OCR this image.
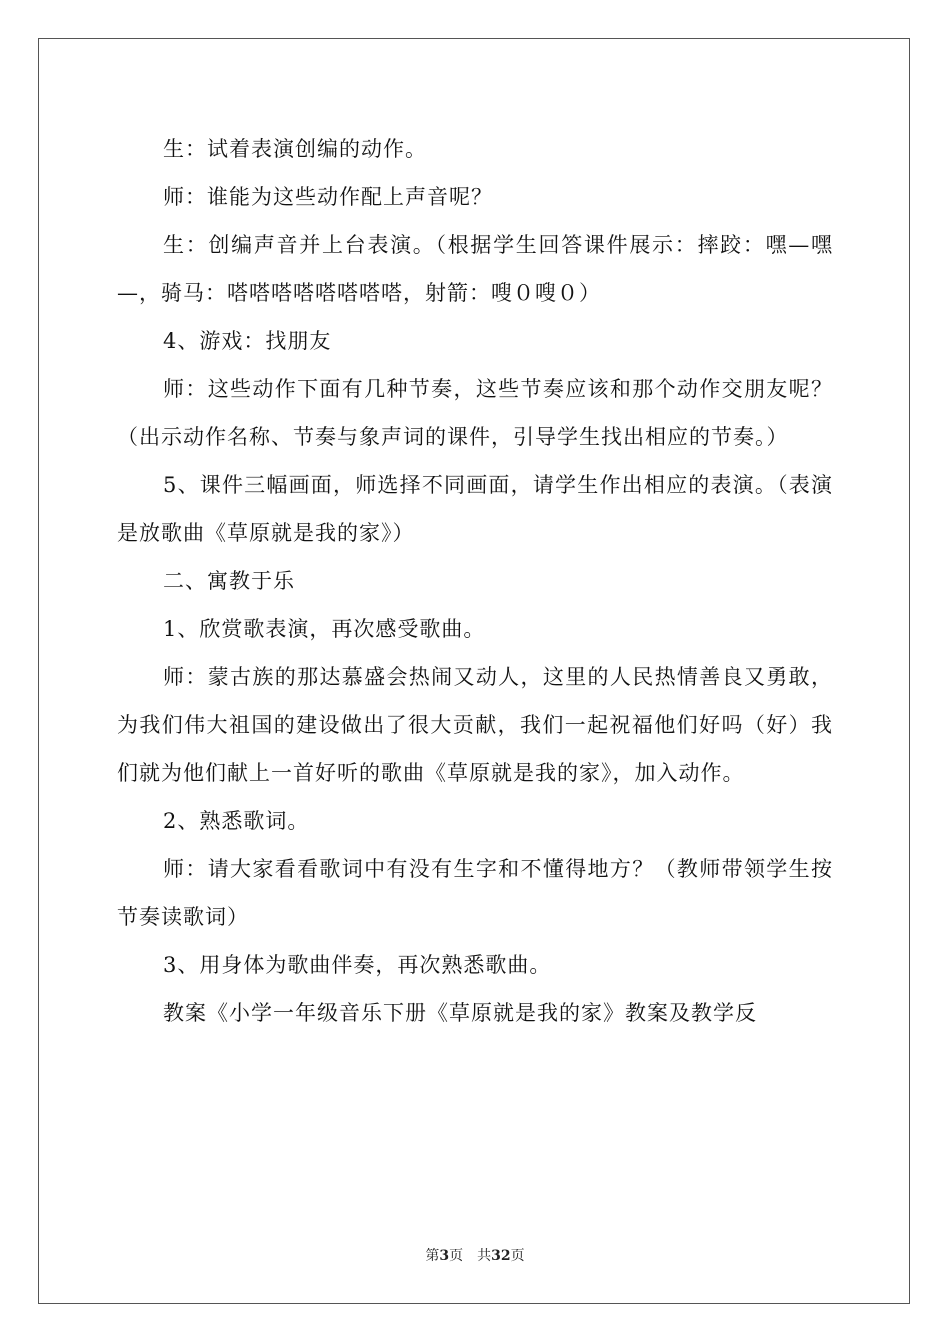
生：试着表演创编的动作。

师：谁能为这些动作配上声音呢？

生：创编声音并上台表演。（根据学生回答课件展示：摔跤：嘿—嘿—，骑马：嗒嗒嗒嗒嗒嗒嗒嗒，射箭：嗖０嗖０）

4、游戏：找朋友

师：这些动作下面有几种节奏，这些节奏应该和那个动作交朋友呢？（出示动作名称、节奏与象声词的课件，引导学生找出相应的节奏。）

5、课件三幅画面，师选择不同画面，请学生作出相应的表演。（表演是放歌曲《草原就是我的家》）

二、寓教于乐

1、欣赏歌表演，再次感受歌曲。

师：蒙古族的那达慕盛会热闹又动人，这里的人民热情善良又勇敢，为我们伟大祖国的建设做出了很大贡献，我们一起祝福他们好吗（好）我们就为他们献上一首好听的歌曲《草原就是我的家》，加入动作。

2、熟悉歌词。

师：请大家看看歌词中有没有生字和不懂得地方？（教师带领学生按节奏读歌词）

3、用身体为歌曲伴奏，再次熟悉歌曲。

教案《小学一年级音乐下册《草原就是我的家》教案及教学反

第3页　共32页
